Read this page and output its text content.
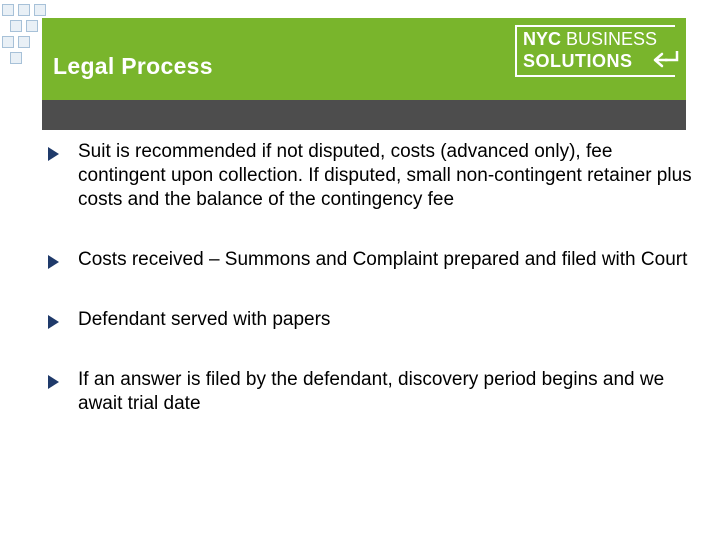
Legal Process
NYC BUSINESS
SOLUTIONS
Suit is recommended if not disputed, costs (advanced only), fee contingent upon collection. If disputed, small non-contingent retainer plus costs and the balance of the contingency fee
Costs received – Summons and Complaint prepared and filed with Court
Defendant served with papers
If an answer is filed by the defendant, discovery period begins and we await trial date
